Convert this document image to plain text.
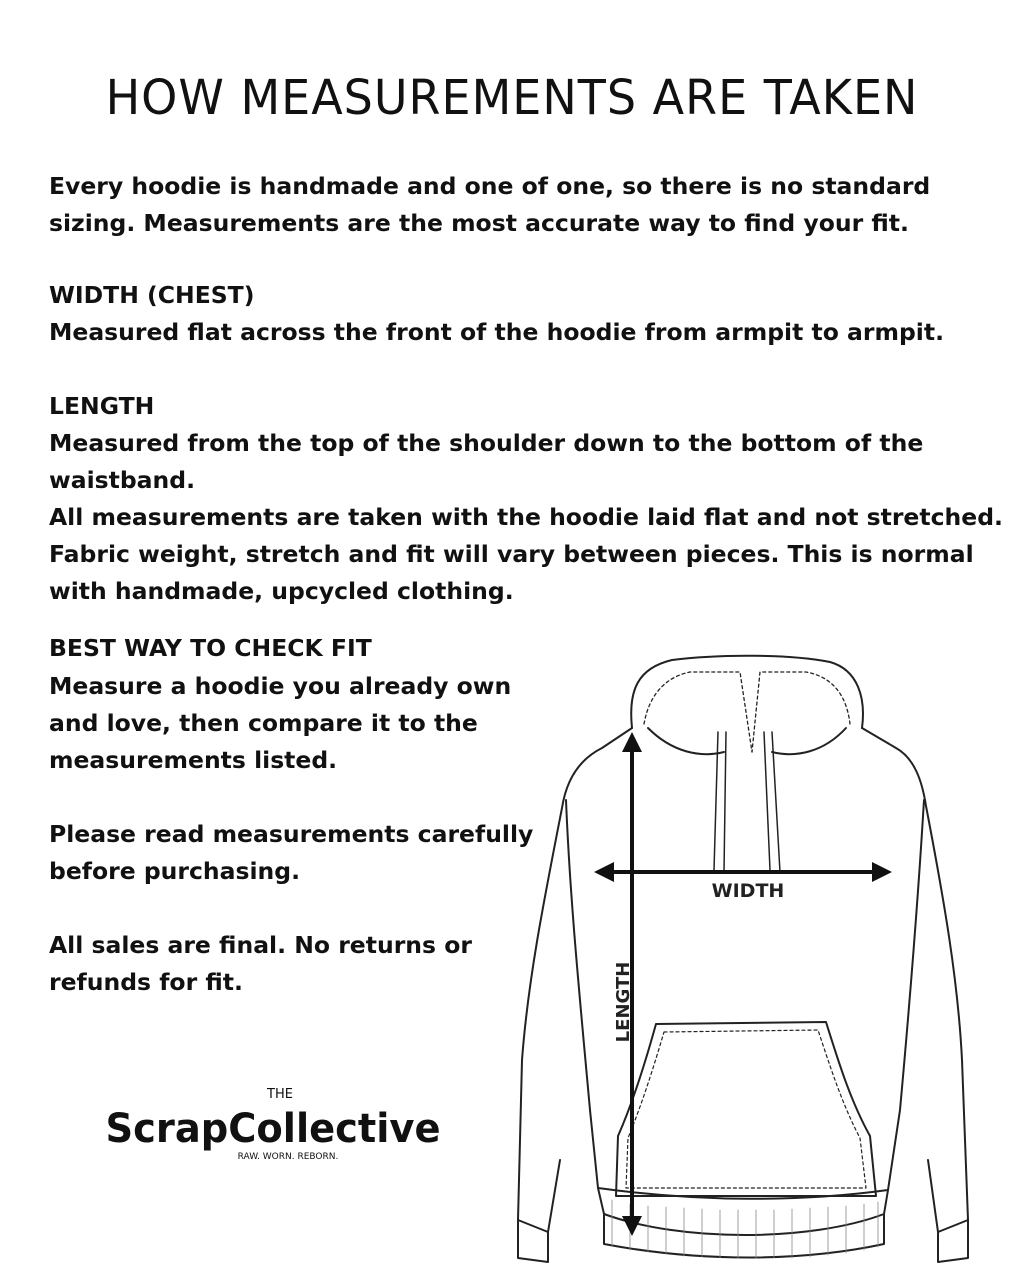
HOW MEASUREMENTS ARE TAKEN

Every hoodie is handmade and one of one, so there is no standard

sizing. Measurements are the most accurate way to find your fit.

WIDTH (CHEST)

Measured flat across the front of the hoodie from armpit to armpit.

LENGTH

Measured from the top of the shoulder down to the bottom of the

waistband.

All measurements are taken with the hoodie laid flat and not stretched.

Fabric weight, stretch and fit will vary between pieces. This is normal

with handmade, upcycled clothing.

BEST WAY TO CHECK FIT

Measure a hoodie you already own

and love, then compare it to the

measurements listed.

Please read measurements carefully

before purchasing.

All sales are final. No returns or

refunds for fit.

THE
ScrapCollective
RAW. WORN. REBORN.
WIDTH
LENGTH
